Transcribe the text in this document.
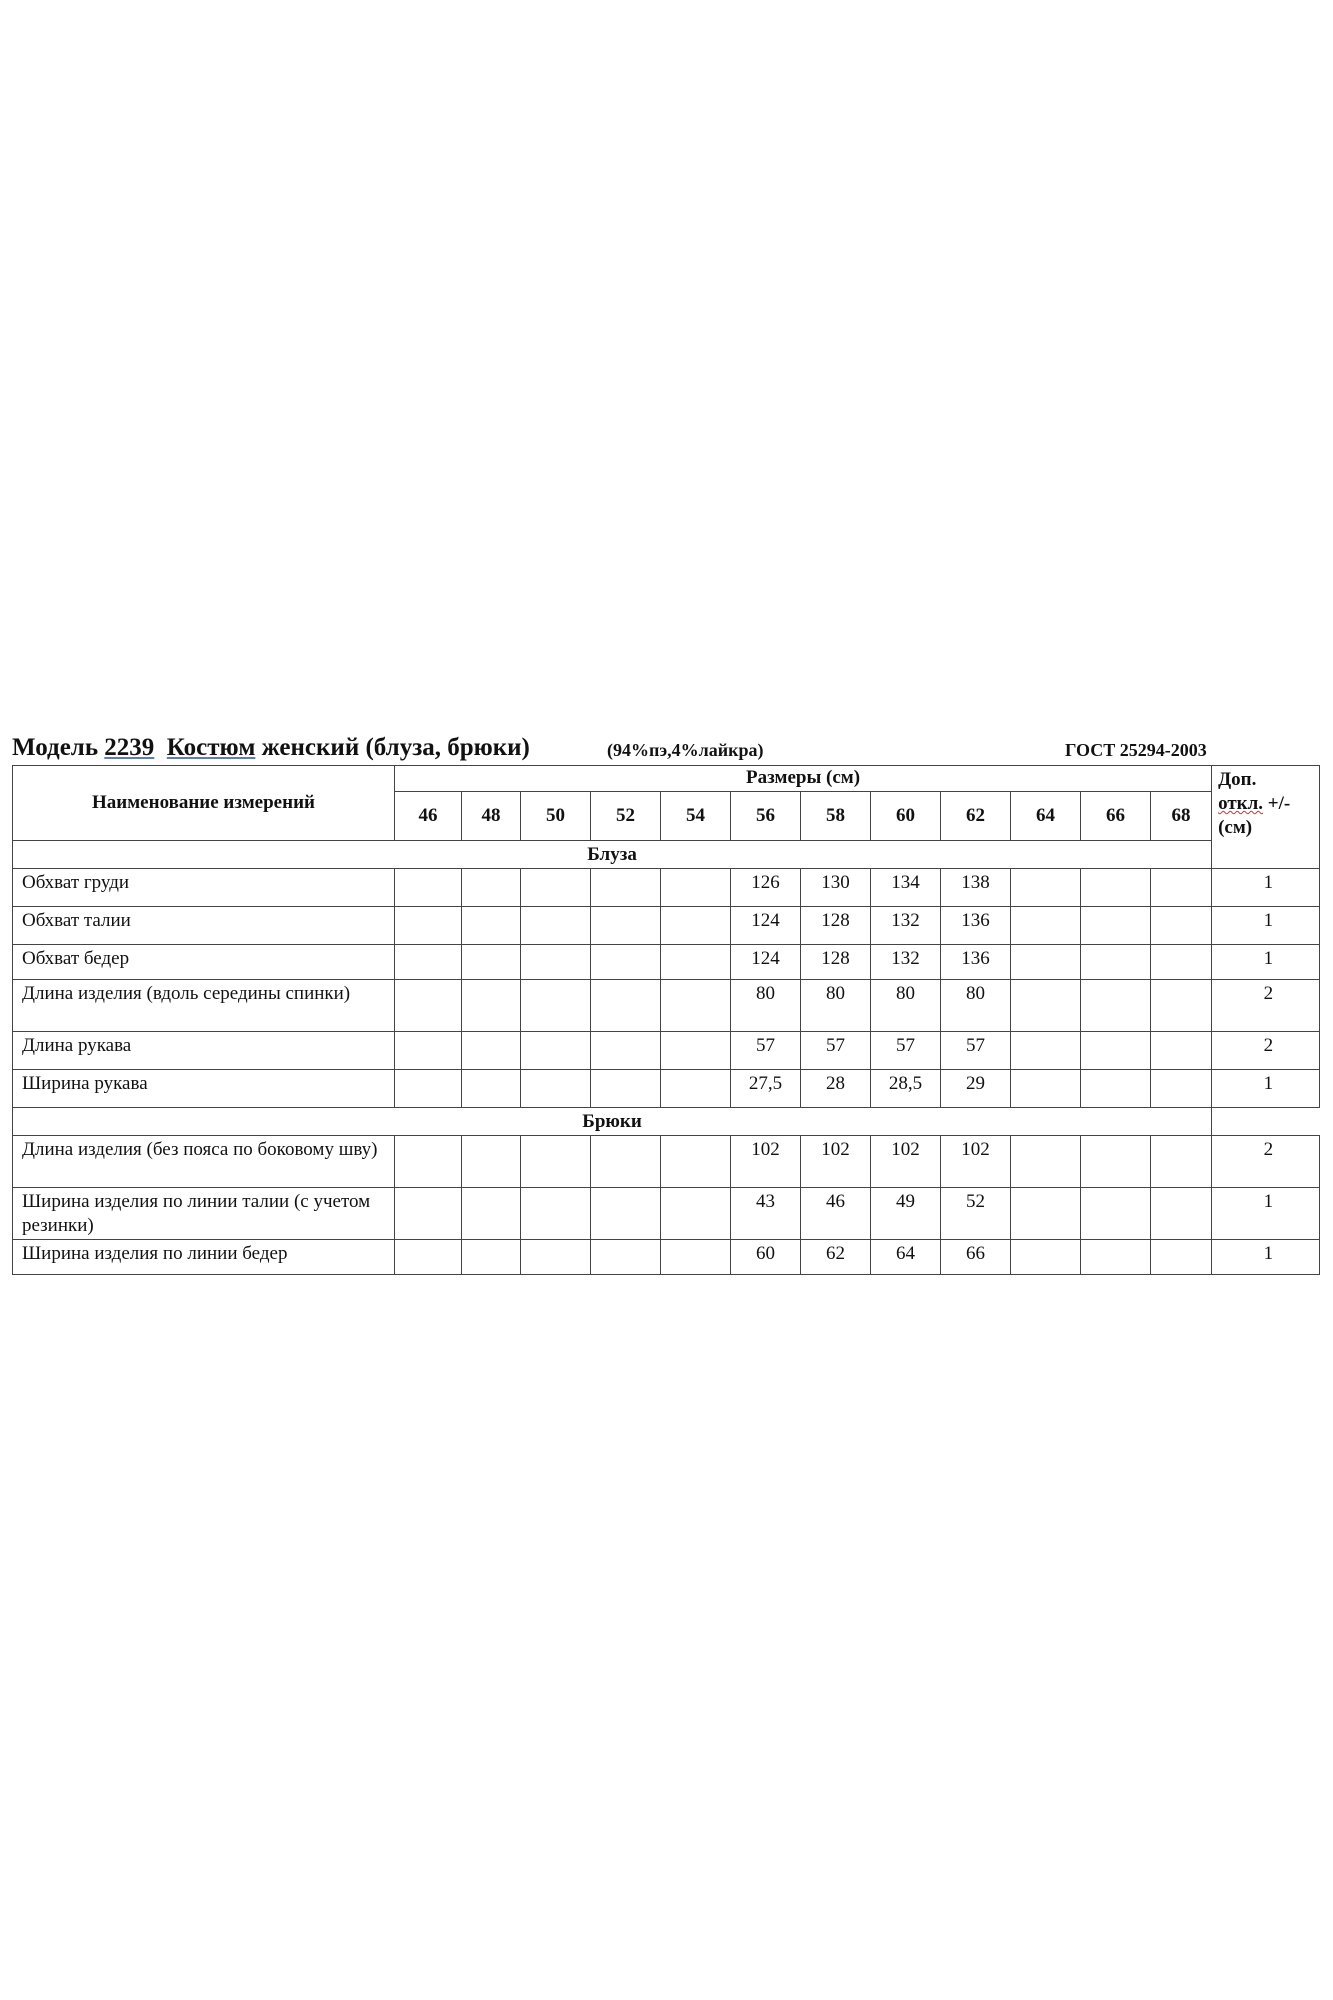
Модель 2239 Костюм женский (блуза, брюки)	(94%пэ,4%лайкра)	ГОСТ 25294-2003
Наименование измерений	Размеры (см)												Доп.
откл. +/-
(см)
	46	48	50	52	54	56	58	60	62	64	66	68	
Блуза													
Обхват груди						126	130	134	138				1
Обхват талии						124	128	132	136				1
Обхват бедер						124	128	132	136				1
Длина изделия (вдоль середины спинки)						80	80	80	80				2
Длина рукава						57	57	57	57				2
Ширина рукава						27,5	28	28,5	29				1
Брюки													
Длина изделия (без пояса по боковому шву)						102	102	102	102				2
Ширина изделия по линии талии (с учетом резинки)						43	46	49	52				1
Ширина изделия по линии бедер						60	62	64	66				1
